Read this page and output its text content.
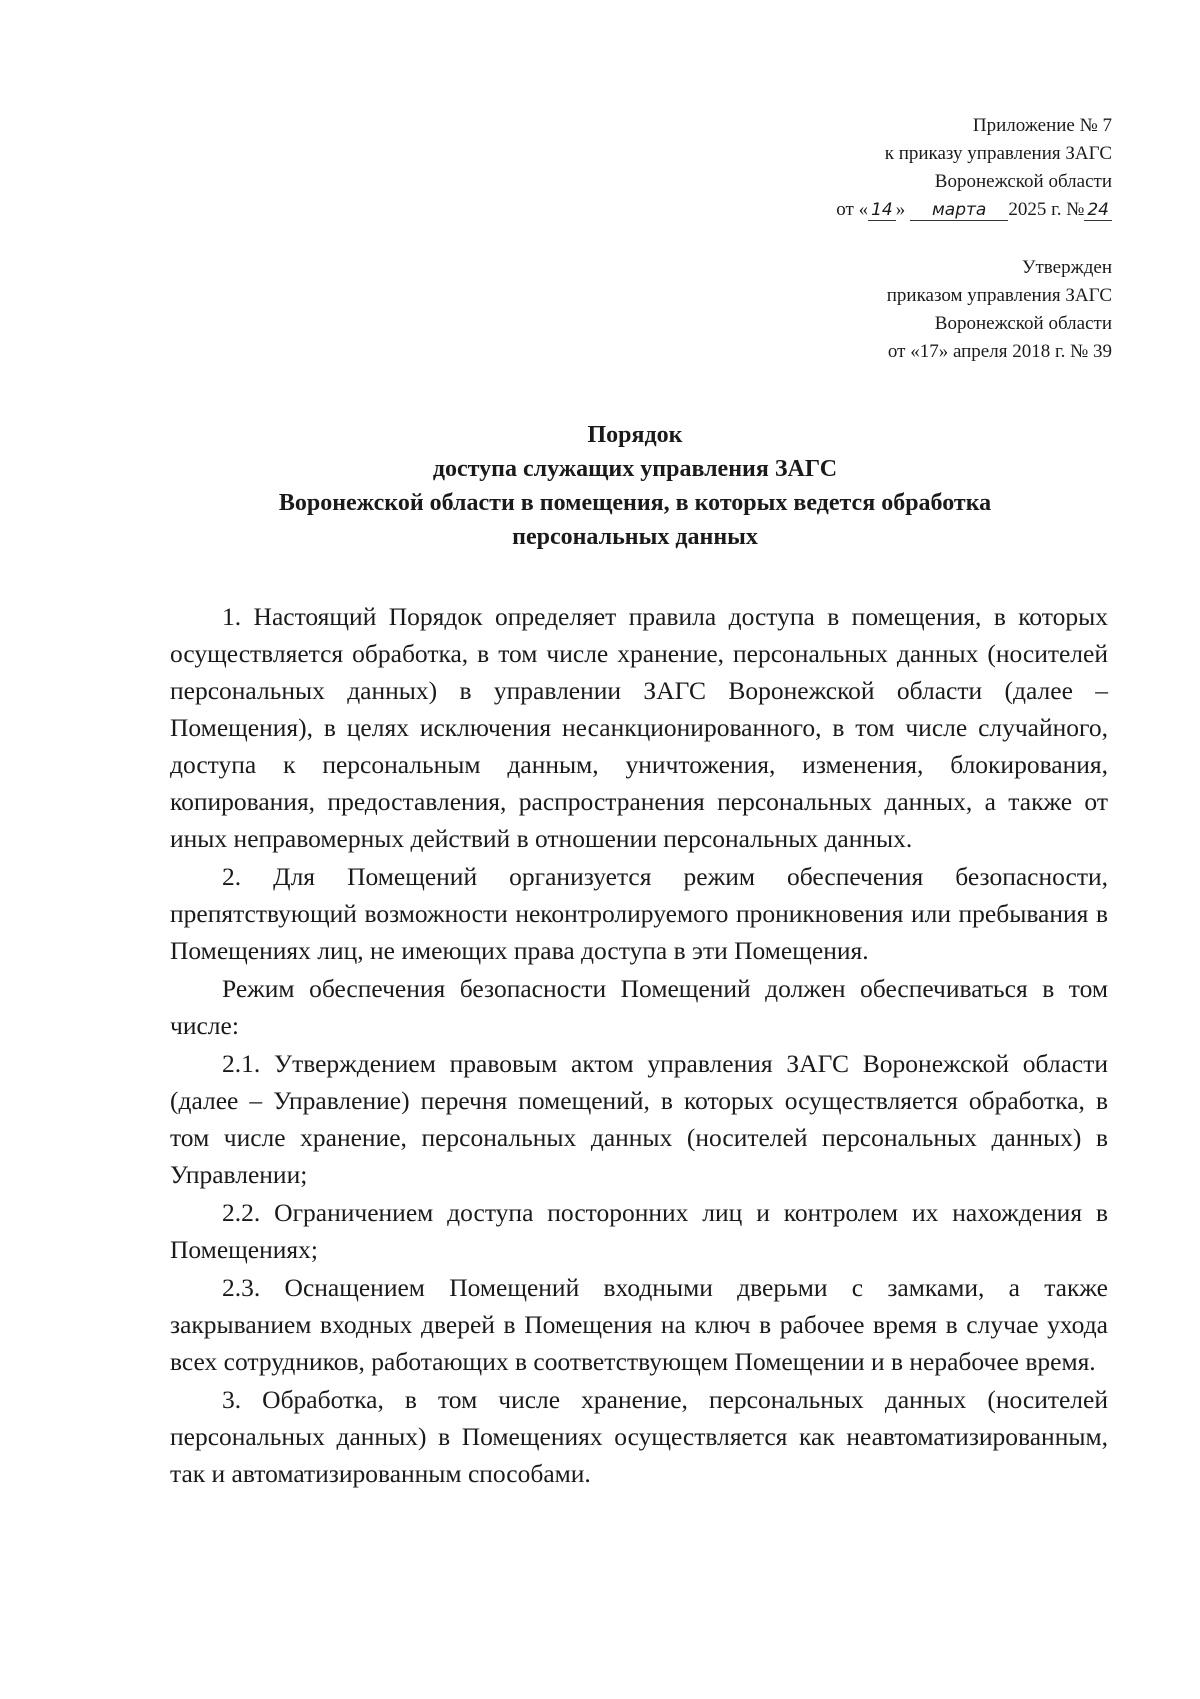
Приложение № 7
к приказу управления ЗАГС
Воронежской области
от « 14 » марта 2025 г. № 24
Утвержден
приказом управления ЗАГС
Воронежской области
от «17» апреля 2018 г. № 39
Порядок
доступа служащих управления ЗАГС
Воронежской области в помещения, в которых ведется обработка
персональных данных

1. Настоящий Порядок определяет правила доступа в помещения, в которых осуществляется обработка, в том числе хранение, персональных данных (носителей персональных данных) в управлении ЗАГС Воронежской области (далее – Помещения), в целях исключения несанкционированного, в том числе случайного, доступа к персональным данным, уничтожения, изменения, блокирования, копирования, предоставления, распространения персональных данных, а также от иных неправомерных действий в отношении персональных данных.

2. Для Помещений организуется режим обеспечения безопасности, препятствующий возможности неконтролируемого проникновения или пребывания в Помещениях лиц, не имеющих права доступа в эти Помещения.

Режим обеспечения безопасности Помещений должен обеспечиваться в том числе:

2.1. Утверждением правовым актом управления ЗАГС Воронежской области (далее – Управление) перечня помещений, в которых осуществляется обработка, в том числе хранение, персональных данных (носителей персональных данных) в Управлении;

2.2. Ограничением доступа посторонних лиц и контролем их нахождения в Помещениях;

2.3. Оснащением Помещений входными дверьми с замками, а также закрыванием входных дверей в Помещения на ключ в рабочее время в случае ухода всех сотрудников, работающих в соответствующем Помещении и в нерабочее время.

3. Обработка, в том числе хранение, персональных данных (носителей персональных данных) в Помещениях осуществляется как неавтоматизированным, так и автоматизированным способами.
